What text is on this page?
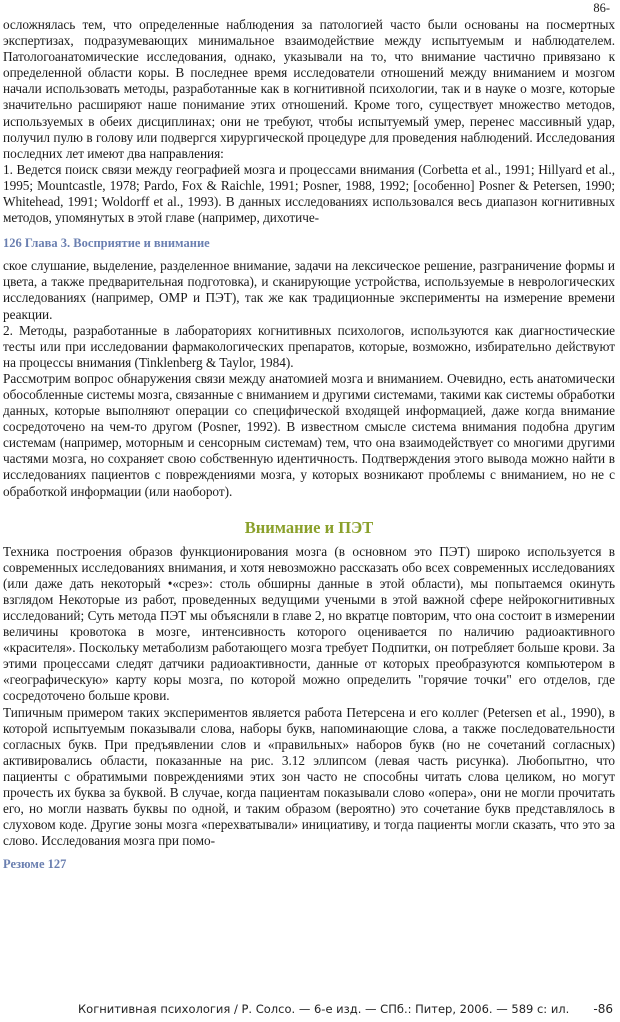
86-

осложнялась тем, что определенные наблюдения за патологией часто были основаны на посмертных экспертизах, подразумевающих минимальное взаимодействие между испытуемым и наблюдателем. Патологоанатомические исследования, однако, указывали на то, что внимание частично привязано к определенной области коры. В последнее время исследователи отношений между вниманием и мозгом начали использовать методы, разработанные как в когнитивной психологии, так и в науке о мозге, которые значительно расширяют наше понимание этих отношений. Кроме того, существует множество методов, используемых в обеих дисциплинах; они не требуют, чтобы испытуемый умер, перенес массивный удар, получил пулю в голову или подвергся хирургической процедуре для проведения наблюдений. Исследования последних лет имеют два направления:

1. Ведется поиск связи между географией мозга и процессами внимания (Corbetta et al., 1991; Hillyard et al., 1995; Mountcastle, 1978; Pardo, Fox & Raichle, 1991; Posner, 1988, 1992; [особенно] Posner & Petersen, 1990; Whitehead, 1991; Woldorff et al., 1993). В данных исследованиях использовался весь диапазон когнитивных методов, упомянутых в этой главе (например, дихотиче-

126 Глава 3. Восприятие и внимание

ское слушание, выделение, разделенное внимание, задачи на лексическое решение, разграничение формы и цвета, а также предварительная подготовка), и сканирующие устройства, используемые в неврологических исследованиях (например, ОМР и ПЭТ), так же как традиционные эксперименты на измерение времени реакции.

2. Методы, разработанные в лабораториях когнитивных психологов, используются как диагностические тесты или при исследовании фармакологических препаратов, которые, возможно, избирательно действуют на процессы внимания (Tinklenberg & Taylor, 1984).

Рассмотрим вопрос обнаружения связи между анатомией мозга и вниманием. Очевидно, есть анатомически обособленные системы мозга, связанные с вниманием и другими системами, такими как системы обработки данных, которые выполняют операции со специфической входящей информацией, даже когда внимание сосредоточено на чем-то другом (Posner, 1992). В известном смысле система внимания подобна другим системам (например, моторным и сенсорным системам) тем, что она взаимодействует со многими другими частями мозга, но сохраняет свою собственную идентичность. Подтверждения этого вывода можно найти в исследованиях пациентов с повреждениями мозга, у которых возникают проблемы с вниманием, но не с обработкой информации (или наоборот).

Внимание и ПЭТ

Техника построения образов функционирования мозга (в основном это ПЭТ) широко используется в современных исследованиях внимания, и хотя невозможно рассказать обо всех современных исследованиях (или даже дать некоторый •«срез»: столь обширны данные в этой области), мы попытаемся окинуть взглядом Некоторые из работ, проведенных ведущими учеными в этой важной сфере нейрокогнитивных исследований; Суть метода ПЭТ мы объясняли в главе 2, но вкратце повторим, что она состоит в измерении величины кровотока в мозге, интенсивность которого оценивается по наличию радиоактивного «красителя». Поскольку метаболизм работающего мозга требует Подпитки, он потребляет больше крови. За этими процессами следят датчики радиоактивности, данные от которых преобразуются компьютером в «географическую» карту коры мозга, по которой можно определить "горячие точки" его отделов, где сосредоточено больше крови.

Типичным примером таких экспериментов является работа Петерсена и его коллег (Petersen et al., 1990), в которой испытуемым показывали слова, наборы букв, напоминающие слова, а также последовательности согласных букв. При предъявлении слов и «правильных» наборов букв (но не сочетаний согласных) активировались области, показанные на рис. 3.12 эллипсом (левая часть рисунка). Любопытно, что пациенты с обратимыми повреждениями этих зон часто не способны читать слова целиком, но могут прочесть их буква за буквой. В случае, когда пациентам показывали слово «опера», они не могли прочитать его, но могли назвать буквы по одной, и таким образом (вероятно) это сочетание букв представлялось в слуховом коде. Другие зоны мозга «перехватывали» инициативу, и тогда пациенты могли сказать, что это за слово. Исследования мозга при помо-

Резюме 127
Когнитивная психология / Р. Солсо. — 6-е изд. — СПб.: Питер, 2006. — 589 с: ил. -86
